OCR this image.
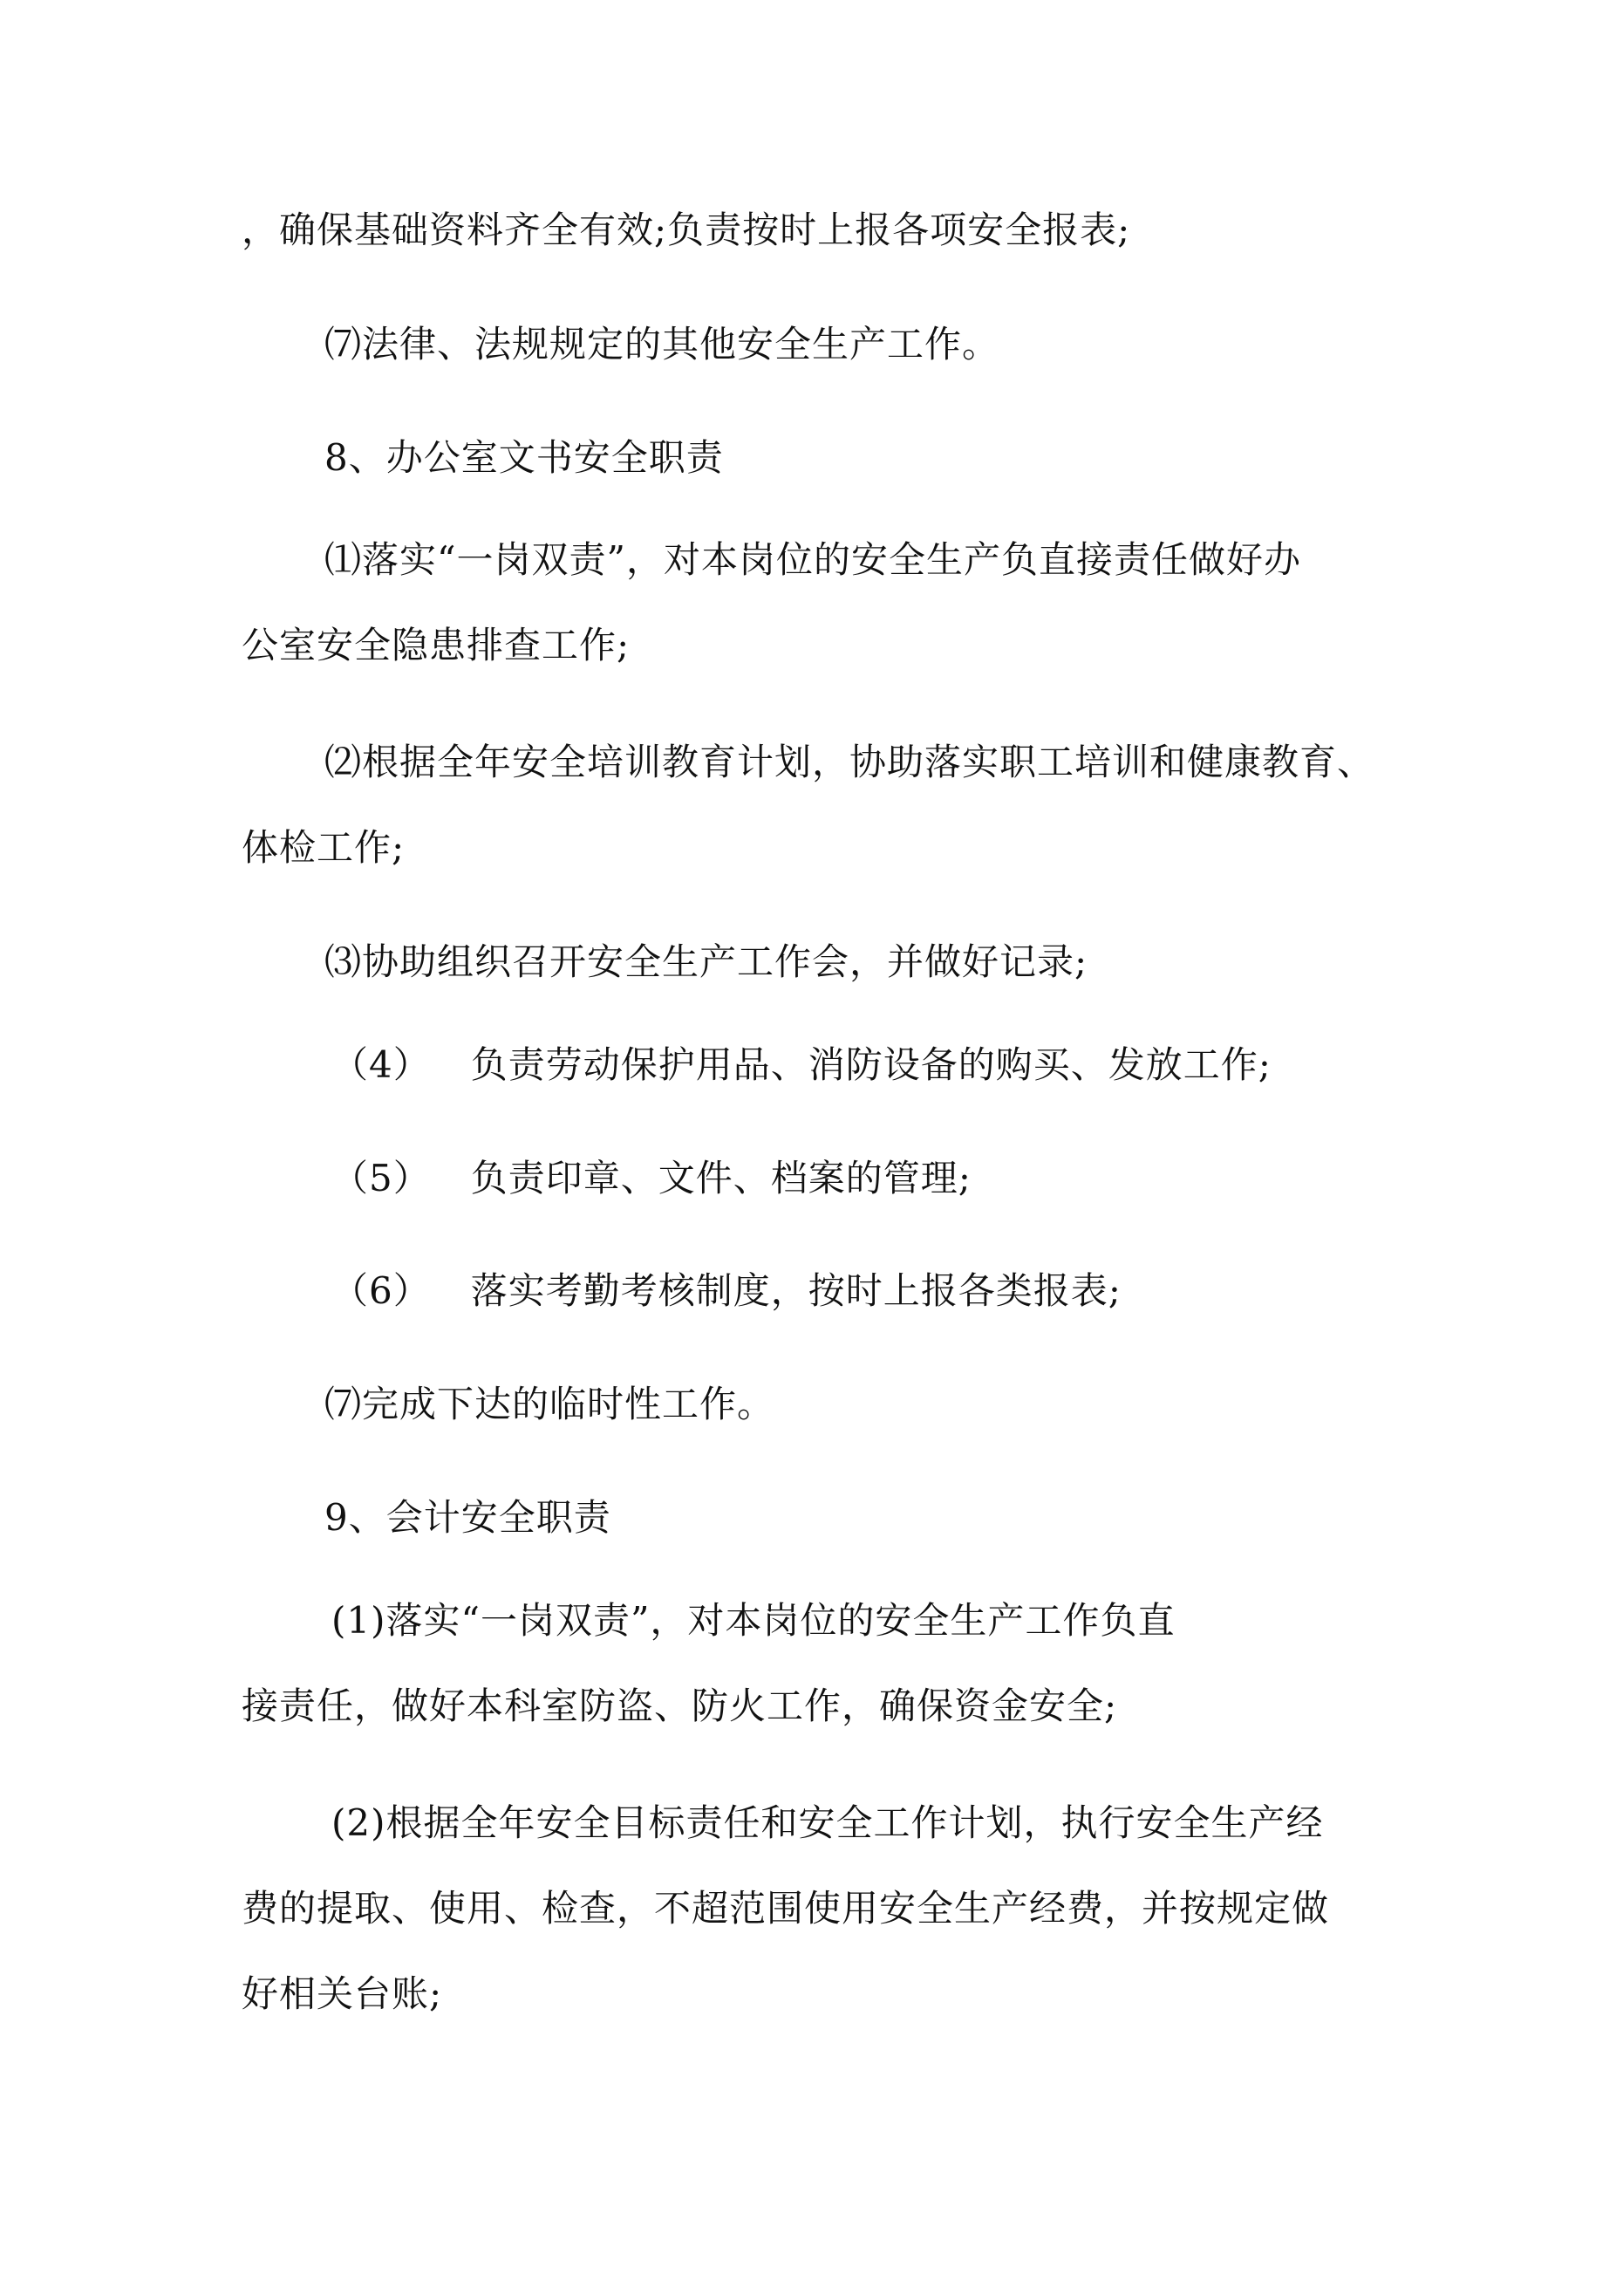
，确保基础资料齐全有效;负责按时上报各项安全报表;
⑺法律、法规规定的其他安全生产工作。
8、办公室文书安全职责
⑴落实“一岗双责”，对本岗位的安全生产负直接责任做好办
公室安全隐患排查工作;
⑵根据全年安全培训教育计划，协助落实职工培训和健康教育、
体检工作;
⑶协助组织召开安全生产工作会，并做好记录;
（4） 负责劳动保护用品、消防设备的购买、发放工作;
（5） 负责印章、文件、档案的管理;
（6） 落实考勤考核制度，按时上报各类报表;
⑺完成下达的临时性工作。
9、会计安全职责
(1)落实“一岗双责”，对本岗位的安全生产工作负直
接责任，做好本科室防盗、防火工作，确保资金安全;
(2)根据全年安全目标责任和安全工作计划，执行安全生产经
费的提取、使用、检查，不超范围使用安全生产经费，并按规定做
好相关台账;
